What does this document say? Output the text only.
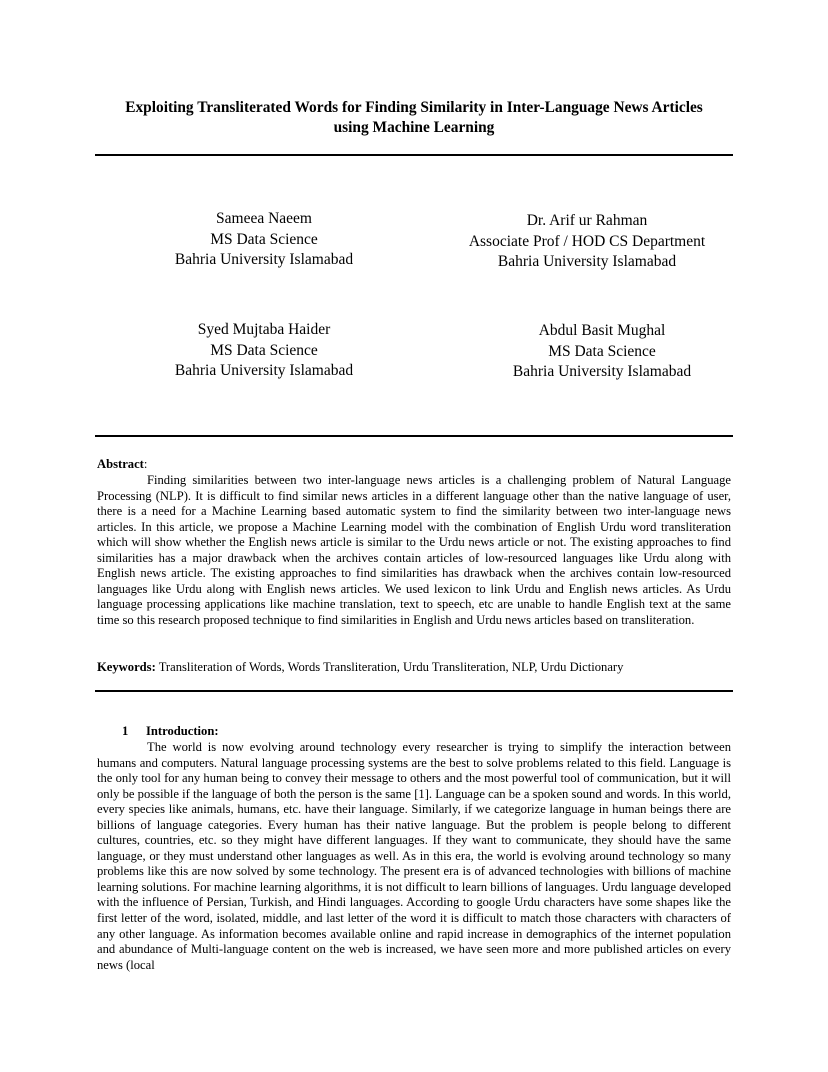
Exploiting Transliterated Words for Finding Similarity in Inter-Language News Articles
using Machine Learning
Sameea Naeem
MS Data Science
Bahria University Islamabad
Dr. Arif ur Rahman
Associate Prof / HOD CS Department
Bahria University Islamabad
Syed Mujtaba Haider
MS Data Science
Bahria University Islamabad
Abdul Basit Mughal
MS Data Science
Bahria University Islamabad
Abstract:

Finding similarities between two inter-language news articles is a challenging problem of Natural Language Processing (NLP). It is difficult to find similar news articles in a different language other than the native language of user, there is a need for a Machine Learning based automatic system to find the similarity between two inter-language news articles. In this article, we propose a Machine Learning model with the combination of English Urdu word transliteration which will show whether the English news article is similar to the Urdu news article or not. The existing approaches to find similarities has a major drawback when the archives contain articles of low-resourced languages like Urdu along with English news article. The existing approaches to find similarities has drawback when the archives contain low-resourced languages like Urdu along with English news articles. We used lexicon to link Urdu and English news articles. As Urdu language processing applications like machine translation, text to speech, etc are unable to handle English text at the same time so this research proposed technique to find similarities in English and Urdu news articles based on transliteration.

Keywords: Transliteration of Words, Words Transliteration, Urdu Transliteration, NLP, Urdu Dictionary
1 Introduction:

The world is now evolving around technology every researcher is trying to simplify the interaction between humans and computers. Natural language processing systems are the best to solve problems related to this field. Language is the only tool for any human being to convey their message to others and the most powerful tool of communication, but it will only be possible if the language of both the person is the same [1]. Language can be a spoken sound and words. In this world, every species like animals, humans, etc. have their language. Similarly, if we categorize language in human beings there are billions of language categories. Every human has their native language. But the problem is people belong to different cultures, countries, etc. so they might have different languages. If they want to communicate, they should have the same language, or they must understand other languages as well. As in this era, the world is evolving around technology so many problems like this are now solved by some technology. The present era is of advanced technologies with billions of machine learning solutions. For machine learning algorithms, it is not difficult to learn billions of languages. Urdu language developed with the influence of Persian, Turkish, and Hindi languages. According to google Urdu characters have some shapes like the first letter of the word, isolated, middle, and last letter of the word it is difficult to match those characters with characters of any other language. As information becomes available online and rapid increase in demographics of the internet population and abundance of Multi-language content on the web is increased, we have seen more and more published articles on every news (local
